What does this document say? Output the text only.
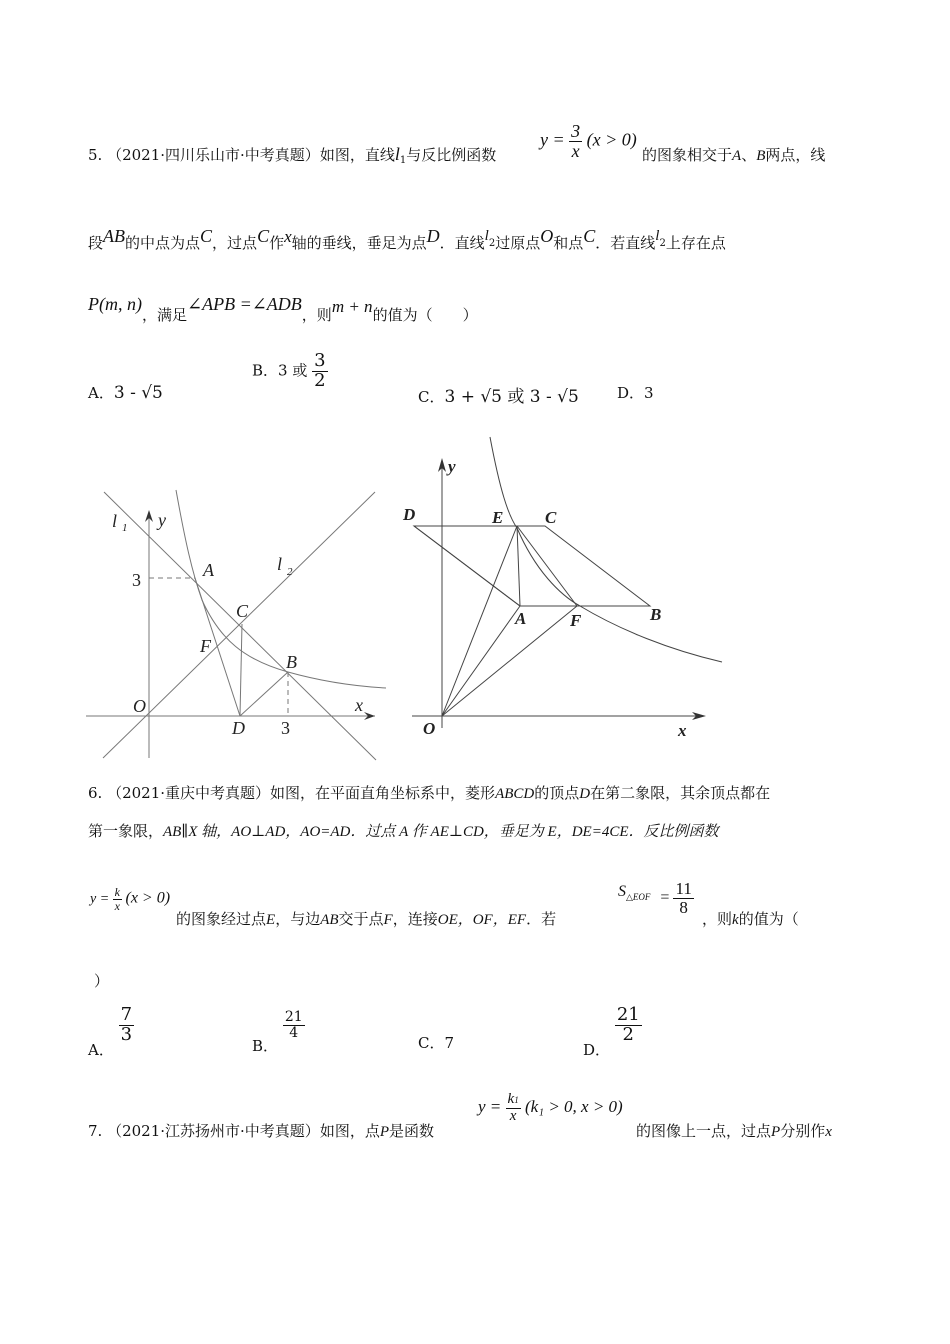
5. （2021·四川乐山市·中考真题）如图，直线$l_1$与反比例函数
$y = \frac{3}{x} (x > 0)$
的图象相交于A、B两点，线
段AB的中点为点C，过点C作x轴的垂线，垂足为点D．直线$l^2$过原点O和点C．若直线$l^2$上存在点
P(m, n)，满足∠APB =∠ADB，则m + n的值为（　　）
A．3 - √5
B．3 或 $\frac{3}{2}$
C．3 + √5 或 3 - √5	D．3
l 1 y
l 2
3	A
C
F
B
O
D 3
x
y
D	E C
A	F	B
O	x
6. （2021·重庆中考真题）如图，在平面直角坐标系中，菱形ABCD的顶点D在第二象限，其余顶点都在
第一象限，AB∥X 轴，AO⊥AD，AO=AD．过点 A 作 AE⊥CD，垂足为 E，DE=4CE．反比例函数
$y = \frac{k}{x} (x > 0)$
的图象经过点E，与边AB交于点F，连接OE，OF，EF．若
S△EOF = $\frac{11}{8}$
，则k的值为（
）
A．
$\frac{7}{3}$
B．
$\frac{21}{4}$
C．7	D．
$\frac{21}{2}$
7. （2021·江苏扬州市·中考真题）如图，点P是函数
$y = \frac{k1}{x} (k_1 > 0$, x > 0)
的图像上一点，过点P分别作x
